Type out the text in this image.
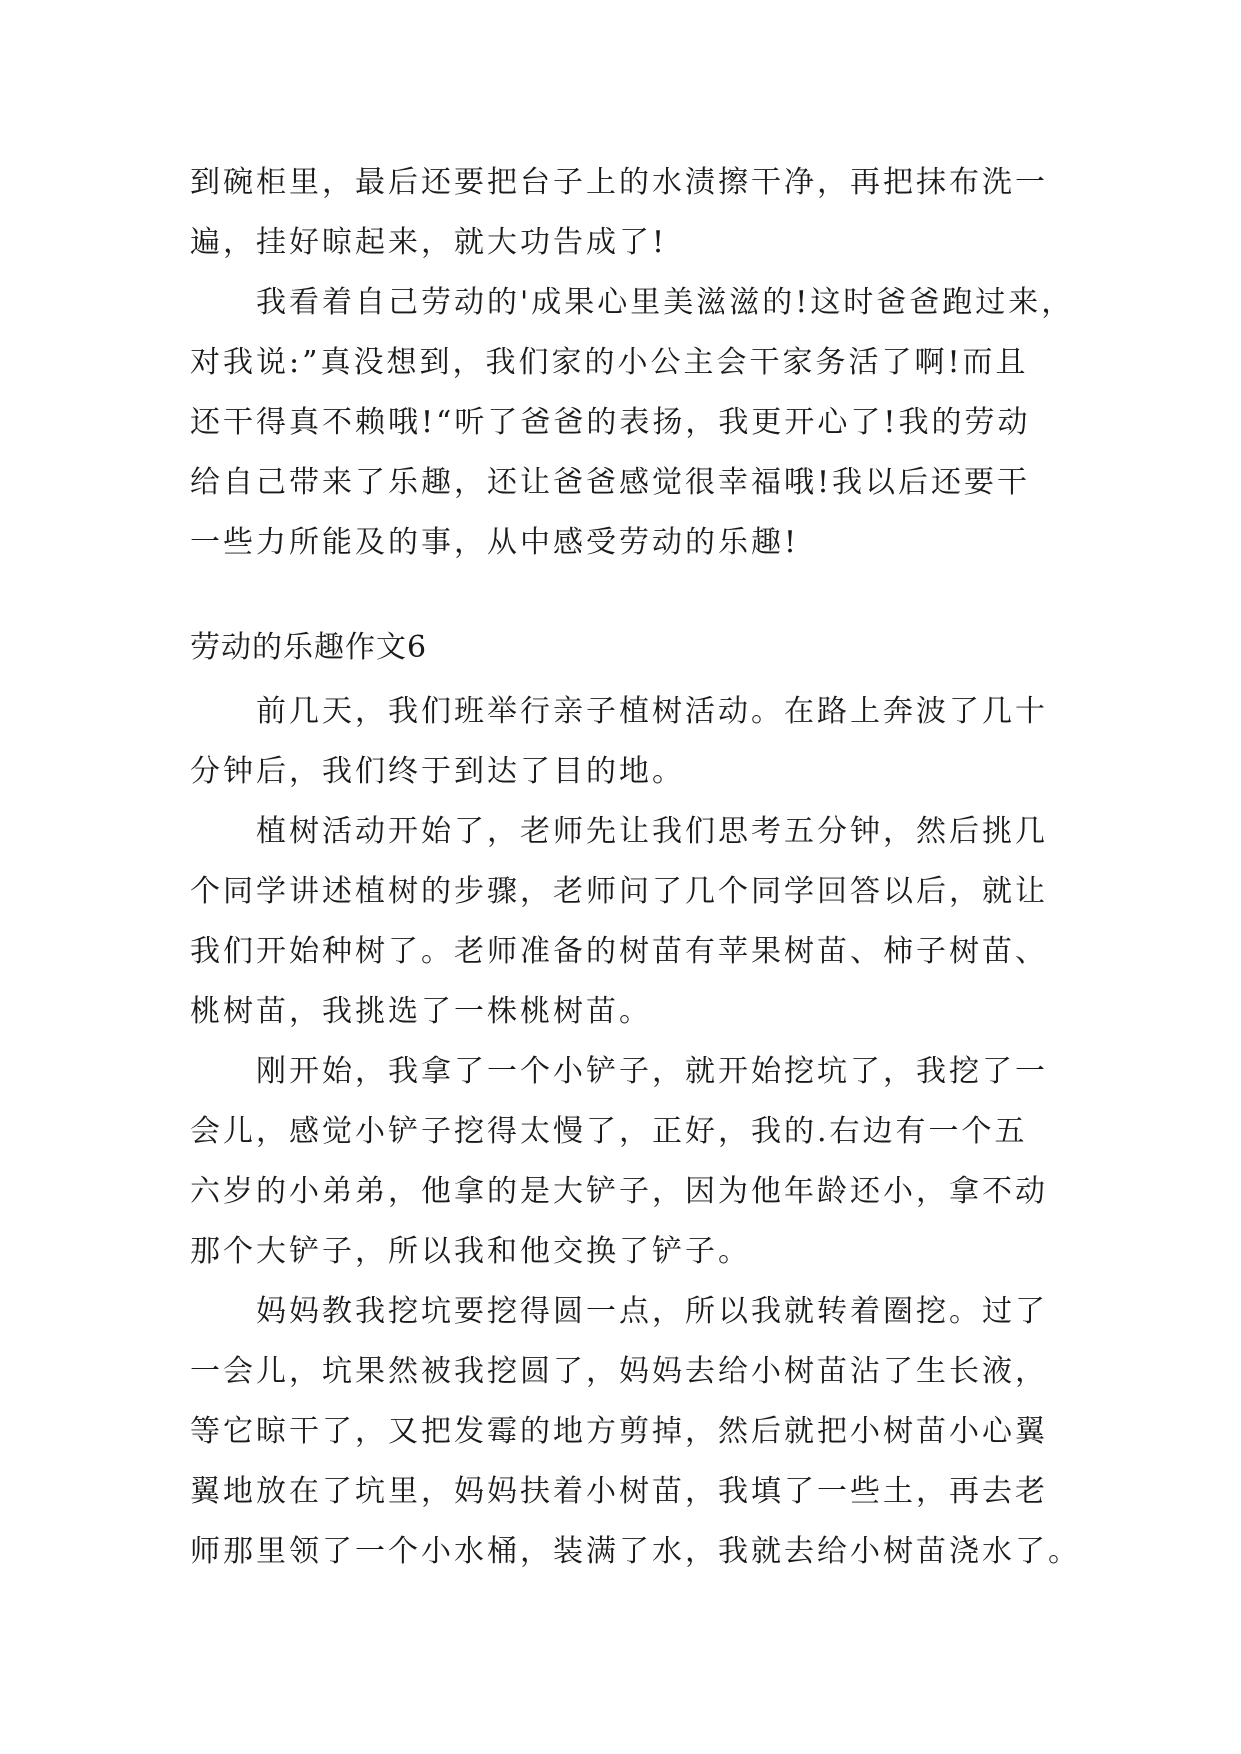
到碗柜里，最后还要把台子上的水渍擦干净，再把抹布洗一
遍，挂好晾起来，就大功告成了!
我看着自己劳动的'成果心里美滋滋的!这时爸爸跑过来，
对我说:”真没想到，我们家的小公主会干家务活了啊!而且
还干得真不赖哦!“听了爸爸的表扬，我更开心了!我的劳动
给自己带来了乐趣，还让爸爸感觉很幸福哦!我以后还要干
一些力所能及的事，从中感受劳动的乐趣!
劳动的乐趣作文6
前几天，我们班举行亲子植树活动。在路上奔波了几十
分钟后，我们终于到达了目的地。
植树活动开始了，老师先让我们思考五分钟，然后挑几
个同学讲述植树的步骤，老师问了几个同学回答以后，就让
我们开始种树了。老师准备的树苗有苹果树苗、柿子树苗、
桃树苗，我挑选了一株桃树苗。
刚开始，我拿了一个小铲子，就开始挖坑了，我挖了一
会儿，感觉小铲子挖得太慢了，正好，我的.右边有一个五
六岁的小弟弟，他拿的是大铲子，因为他年龄还小，拿不动
那个大铲子，所以我和他交换了铲子。
妈妈教我挖坑要挖得圆一点，所以我就转着圈挖。过了
一会儿，坑果然被我挖圆了，妈妈去给小树苗沾了生长液，
等它晾干了，又把发霉的地方剪掉，然后就把小树苗小心翼
翼地放在了坑里，妈妈扶着小树苗，我填了一些土，再去老
师那里领了一个小水桶，装满了水，我就去给小树苗浇水了。
